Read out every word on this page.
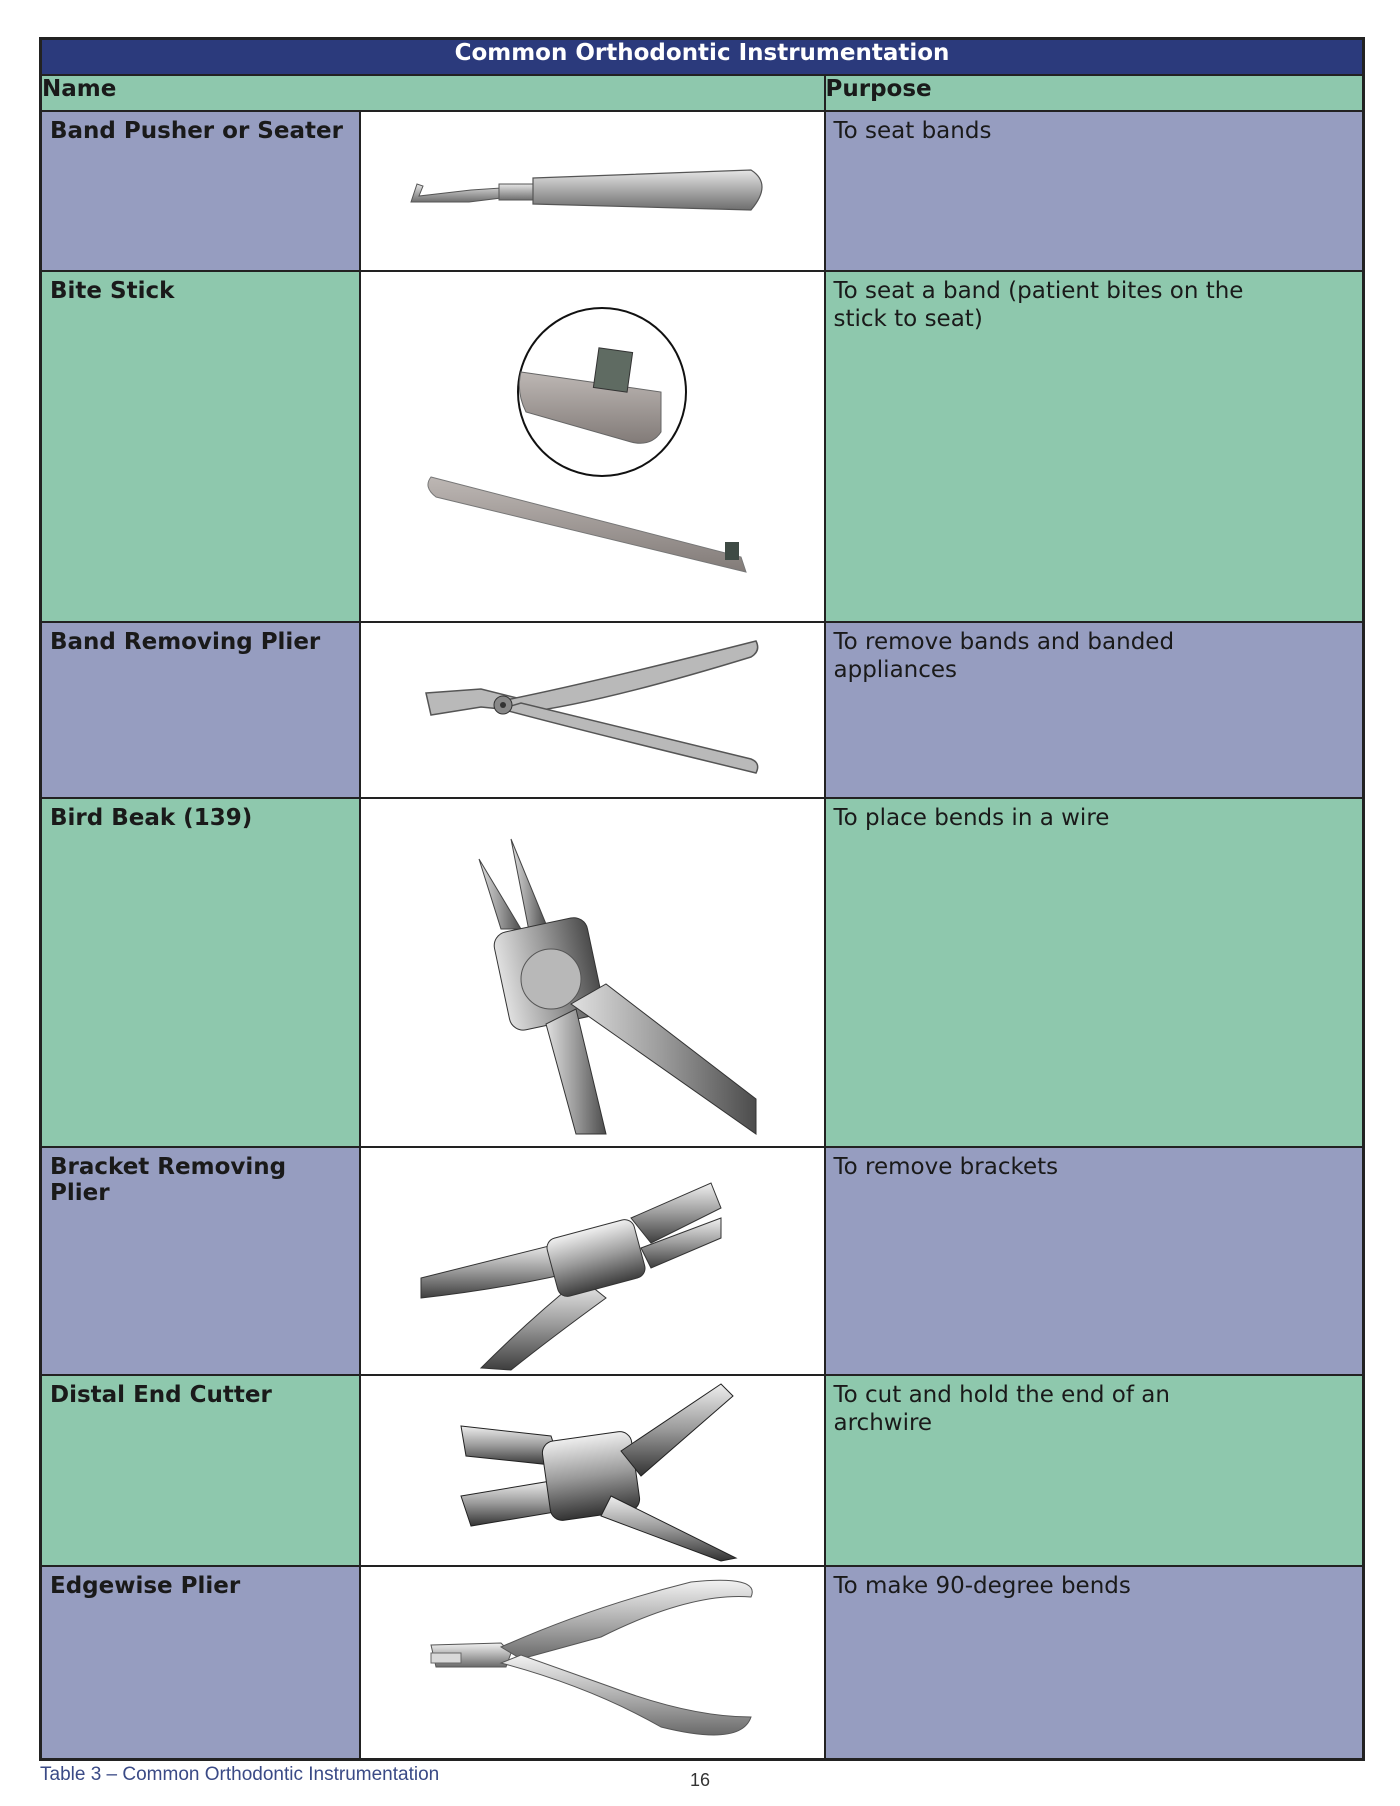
Common Orthodontic Instrumentation		
Name		Purpose
Band Pusher or Seater		To seat bands

Bite Stick		To seat a band (patient bites on the stick to seat)

Band Removing Plier		To remove bands and banded appliances

Bird Beak (139)		To place bends in a wire

Bracket Removing Plier		To remove brackets

Distal End Cutter		To cut and hold the end of an archwire

Edgewise Plier		To make 90-degree bends
Table 3 – Common Orthodontic Instrumentation	16
